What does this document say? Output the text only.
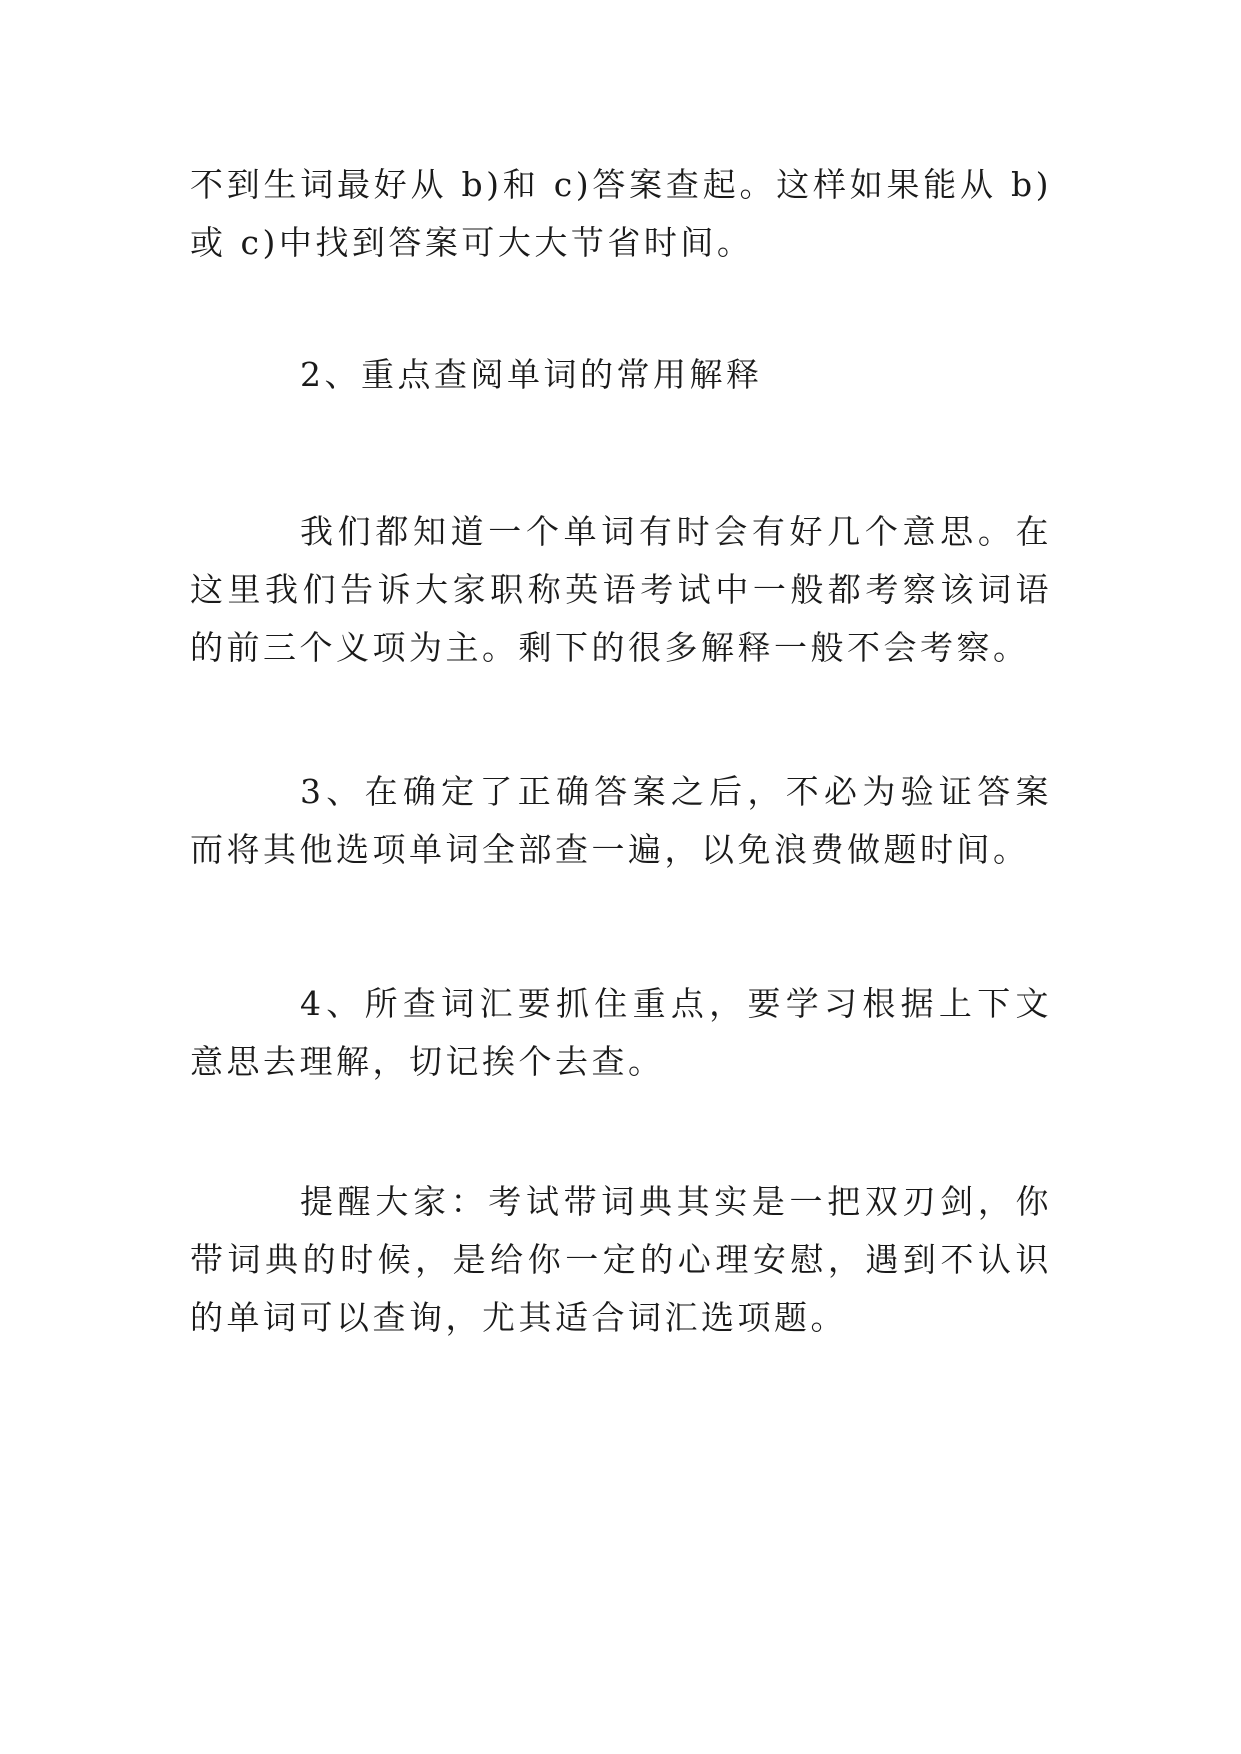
不到生词最好从 b)和 c)答案查起。这样如果能从 b)或 c)中找到答案可大大节省时间。

2、重点查阅单词的常用解释

我们都知道一个单词有时会有好几个意思。在这里我们告诉大家职称英语考试中一般都考察该词语的前三个义项为主。剩下的很多解释一般不会考察。

3、在确定了正确答案之后，不必为验证答案而将其他选项单词全部查一遍，以免浪费做题时间。

4、所查词汇要抓住重点，要学习根据上下文意思去理解，切记挨个去查。

提醒大家：考试带词典其实是一把双刃剑，你带词典的时候，是给你一定的心理安慰，遇到不认识的单词可以查询，尤其适合词汇选项题。
